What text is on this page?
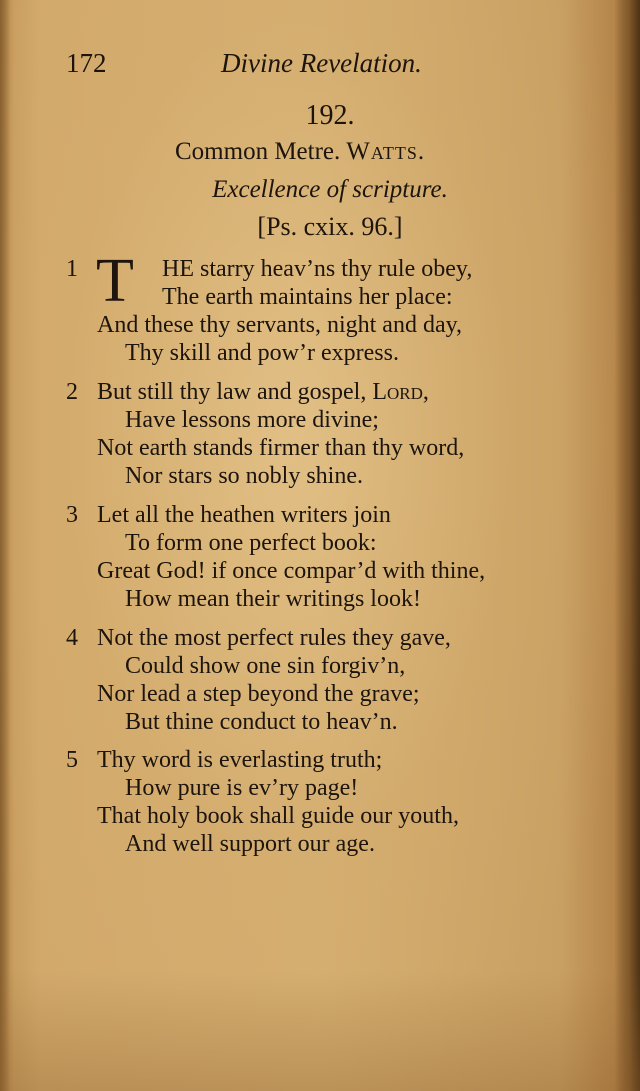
172	Divine Revelation.
192.
Common Metre. Watts.
Excellence of scripture.
[Ps. cxix. 96.]
1 T HE starry heav’ns thy rule obey,
The earth maintains her place:
And these thy servants, night and day,
Thy skill and pow’r express.
2 But still thy law and gospel, Lord,
Have lessons more divine;
Not earth stands firmer than thy word,
Nor stars so nobly shine.
3 Let all the heathen writers join
To form one perfect book:
Great God! if once compar’d with thine,
How mean their writings look!
4 Not the most perfect rules they gave,
Could show one sin forgiv’n,
Nor lead a step beyond the grave;
But thine conduct to heav’n.
5 Thy word is everlasting truth;
How pure is ev’ry page!
That holy book shall guide our youth,
And well support our age.
